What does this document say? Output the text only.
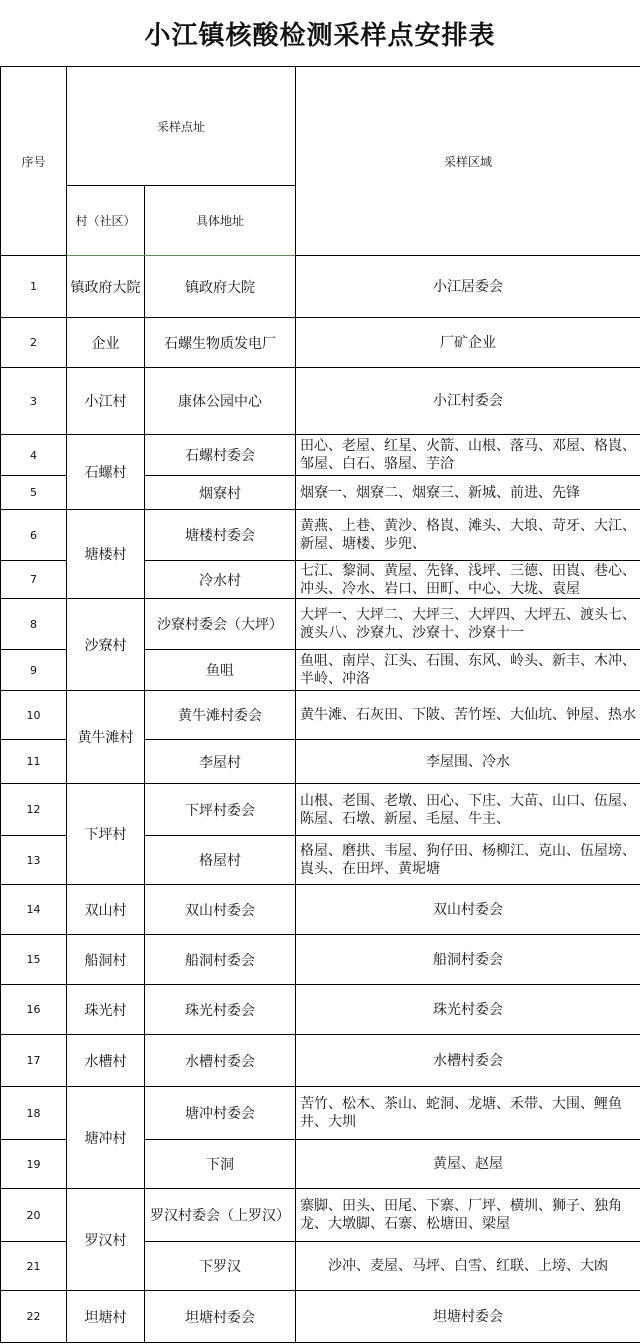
小江镇核酸检测采样点安排表
序号	采样点址		采样区域
	村（社区）	具体地址	
1	镇政府大院	镇政府大院	小江居委会
2	企业	石螺生物质发电厂	厂矿企业
3	小江村	康体公园中心	小江村委会
4	石螺村	石螺村委会	田心、老屋、红星、火箭、山根、落马、邓屋、格崀、邹屋、白石、骆屋、芋洽
5		烟寮村	烟寮一、烟寮二、烟寮三、新城、前进、先锋
6	塘楼村	塘楼村委会	黄燕、上巷、黄沙、格崀、滩头、大埌、苛牙、大江、新屋、塘楼、步兜、
7		冷水村	七江、黎洞、黄屋、先锋、浅坪、三德、田崀、巷心、冲头、冷水、岩口、田町、中心、大垅、袁屋
8	沙寮村	沙寮村委会（大坪）	大坪一、大坪二、大坪三、大坪四、大坪五、渡头七、渡头八、沙寮九、沙寮十、沙寮十一
9		鱼咀	鱼咀、南岸、江头、石围、东风、岭头、新丰、木冲、半岭、冲洛
10	黄牛滩村	黄牛滩村委会	黄牛滩、石灰田、下陂、苦竹垤、大仙坑、钟屋、热水
11		李屋村	李屋围、冷水
12	下坪村	下坪村委会	山根、老围、老墩、田心、下庄、大苗、山口、伍屋、陈屋、石墩、新屋、毛屋、牛主、
13		格屋村	格屋、磨拱、韦屋、狗仔田、杨柳江、克山、伍屋塝、崀头、在田坪、黄坭塘
14	双山村	双山村委会	双山村委会
15	船洞村	船洞村委会	船洞村委会
16	珠光村	珠光村委会	珠光村委会
17	水槽村	水槽村委会	水槽村委会
18	塘冲村	塘冲村委会	苦竹、松木、茶山、蛇洞、龙塘、禾带、大围、鲤鱼井、大圳
19		下洞	黄屋、赵屋
20	罗汉村	罗汉村委会（上罗汉）	寨脚、田头、田尾、下寨、厂坪、横圳、狮子、独角龙、大墩脚、石寨、松塘田、梁屋
21		下罗汉	沙冲、麦屋、马坪、白雪、红联、上塝、大凼
22	坦塘村	坦塘村委会	坦塘村委会
